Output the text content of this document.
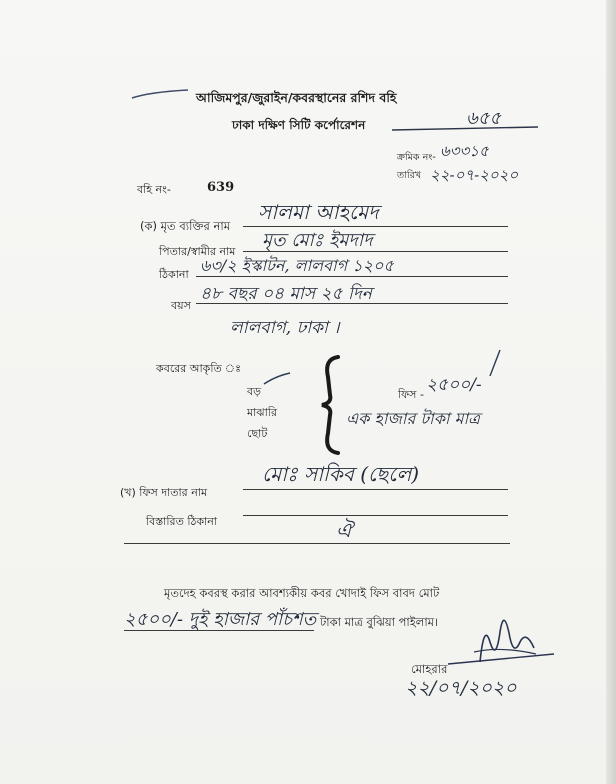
আজিমপুর/জুরাইন/কবরস্থানের রশিদ বহি
ঢাকা দক্ষিণ সিটি কর্পোরেশন	৬৫৫
ক্রমিক নং- ৬৩৩১৫
তারিখ ২২-০৭-২০২০
বহি নং-	639
(ক) মৃত ব্যক্তির নাম
সালমা আহমেদ
পিতার/স্বামীর নাম
মৃত মোঃ ইমদাদ
ঠিকানা ৬৩/২ ইস্কাটন, লালবাগ ১২০৫
বয়স
৪৮ বছর ০৪ মাস ২৫ দিন
লালবাগ, ঢাকা ।
কবরের আকৃতি ঃ
বড়
মাঝারি
ছোট
ফিস - ২৫০০/-
এক হাজার টাকা মাত্র
(খ) ফিস দাতার নাম
মোঃ সাকিব (ছেলে)
বিস্তারিত ঠিকানা	ঐ
মৃতদেহ কবরস্থ করার আবশ্যকীয় কবর খোদাই ফিস বাবদ মোট
২৫০০/- দুই হাজার পাঁচশত টাকা মাত্র বুঝিয়া পাইলাম।
মোহরার
২২/০৭/২০২০
